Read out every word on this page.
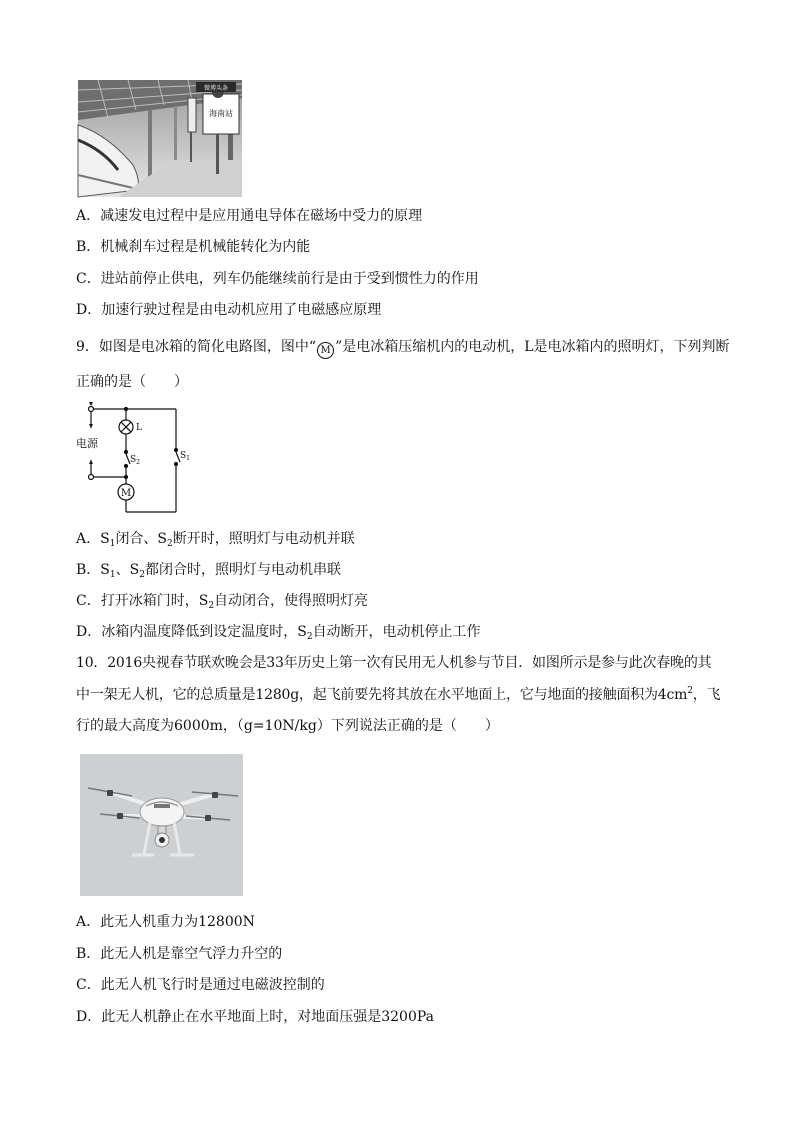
微博头条
海南站
A．减速发电过程中是应用通电导体在磁场中受力的原理
B．机械刹车过程是机械能转化为内能
C．进站前停止供电，列车仍能继续前行是由于受到惯性力的作用
D．加速行驶过程是由电动机应用了电磁感应原理
9．如图是电冰箱的简化电路图，图中“ M ”是电冰箱压缩机内的电动机，L是电冰箱内的照明灯，下列判断
正确的是（　　）
电源
L
M
$S_2$
$S_1$
A．$S_1$闭合、$S_2$断开时，照明灯与电动机并联
B．$S_1$、$S_2$都闭合时，照明灯与电动机串联
C．打开冰箱门时，$S_2$自动闭合，使得照明灯亮
D．冰箱内温度降低到设定温度时，$S_2$自动断开，电动机停止工作
10．2016央视春节联欢晚会是33年历史上第一次有民用无人机参与节目．如图所示是参与此次春晚的其
中一架无人机，它的总质量是1280g，起飞前要先将其放在水平地面上，它与地面的接触面积为$4cm^2$，飞
行的最大高度为6000m，（g=10N/kg）下列说法正确的是（　　）
A．此无人机重力为12800N
B．此无人机是靠空气浮力升空的
C．此无人机飞行时是通过电磁波控制的
D．此无人机静止在水平地面上时，对地面压强是3200Pa
